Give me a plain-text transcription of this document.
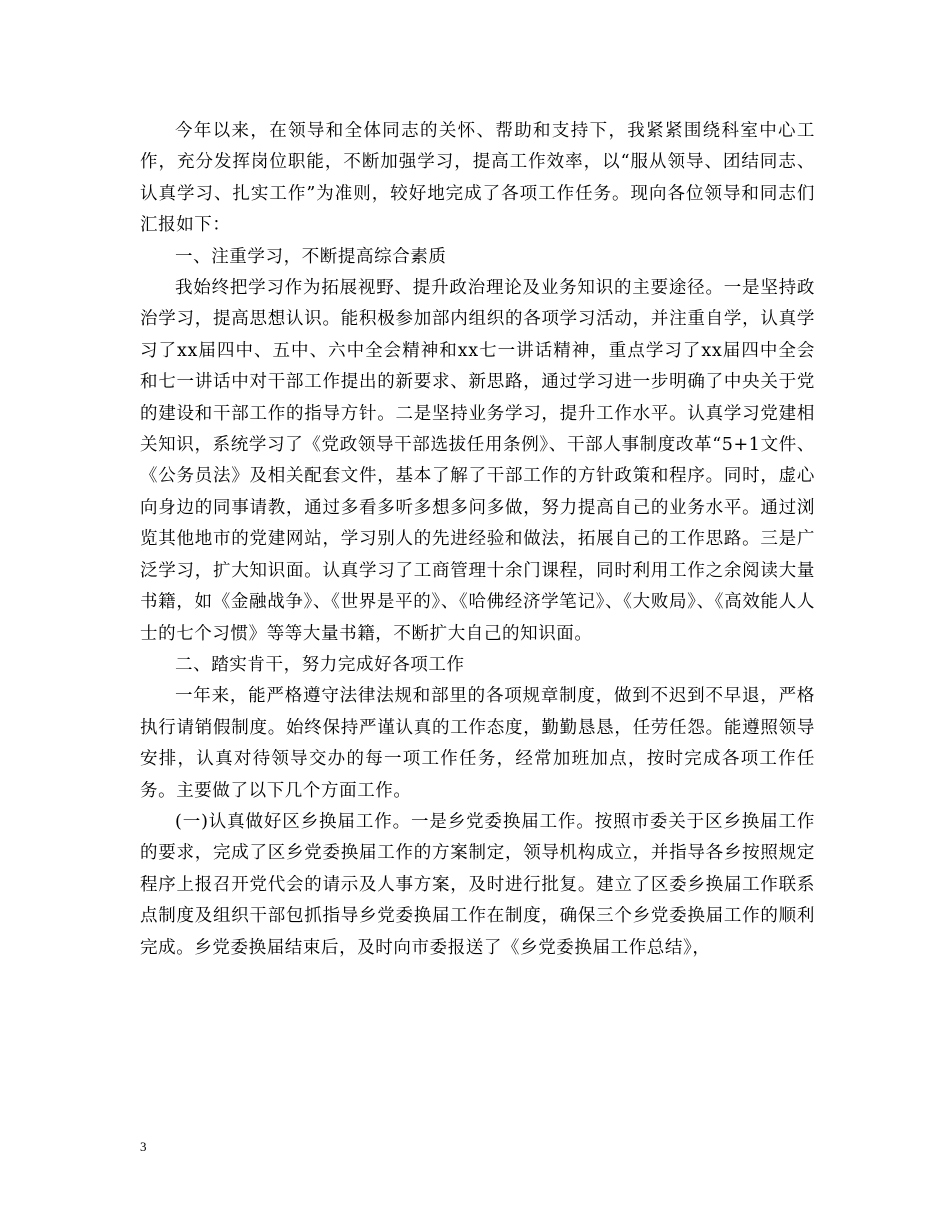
今年以来，在领导和全体同志的关怀、帮助和支持下，我紧紧围绕科室中心工作，充分发挥岗位职能，不断加强学习，提高工作效率，以“服从领导、团结同志、认真学习、扎实工作”为准则，较好地完成了各项工作任务。现向各位领导和同志们汇报如下：

一、注重学习，不断提高综合素质

我始终把学习作为拓展视野、提升政治理论及业务知识的主要途径。一是坚持政治学习，提高思想认识。能积极参加部内组织的各项学习活动，并注重自学，认真学习了xx届四中、五中、六中全会精神和xx七一讲话精神，重点学习了xx届四中全会和七一讲话中对干部工作提出的新要求、新思路，通过学习进一步明确了中央关于党的建设和干部工作的指导方针。二是坚持业务学习，提升工作水平。认真学习党建相关知识，系统学习了《党政领导干部选拔任用条例》、干部人事制度改革“5+1文件、《公务员法》及相关配套文件，基本了解了干部工作的方针政策和程序。同时，虚心向身边的同事请教，通过多看多听多想多问多做，努力提高自己的业务水平。通过浏览其他地市的党建网站，学习别人的先进经验和做法，拓展自己的工作思路。三是广泛学习，扩大知识面。认真学习了工商管理十余门课程，同时利用工作之余阅读大量书籍，如《金融战争》、《世界是平的》、《哈佛经济学笔记》、《大败局》、《高效能人人士的七个习惯》等等大量书籍，不断扩大自己的知识面。

二、踏实肯干，努力完成好各项工作

一年来，能严格遵守法律法规和部里的各项规章制度，做到不迟到不早退，严格执行请销假制度。始终保持严谨认真的工作态度，勤勤恳恳，任劳任怨。能遵照领导安排，认真对待领导交办的每一项工作任务，经常加班加点，按时完成各项工作任务。主要做了以下几个方面工作。

(一)认真做好区乡换届工作。一是乡党委换届工作。按照市委关于区乡换届工作的要求，完成了区乡党委换届工作的方案制定，领导机构成立，并指导各乡按照规定程序上报召开党代会的请示及人事方案，及时进行批复。建立了区委乡换届工作联系点制度及组织干部包抓指导乡党委换届工作在制度，确保三个乡党委换届工作的顺利完成。乡党委换届结束后，及时向市委报送了《乡党委换届工作总结》，

3
